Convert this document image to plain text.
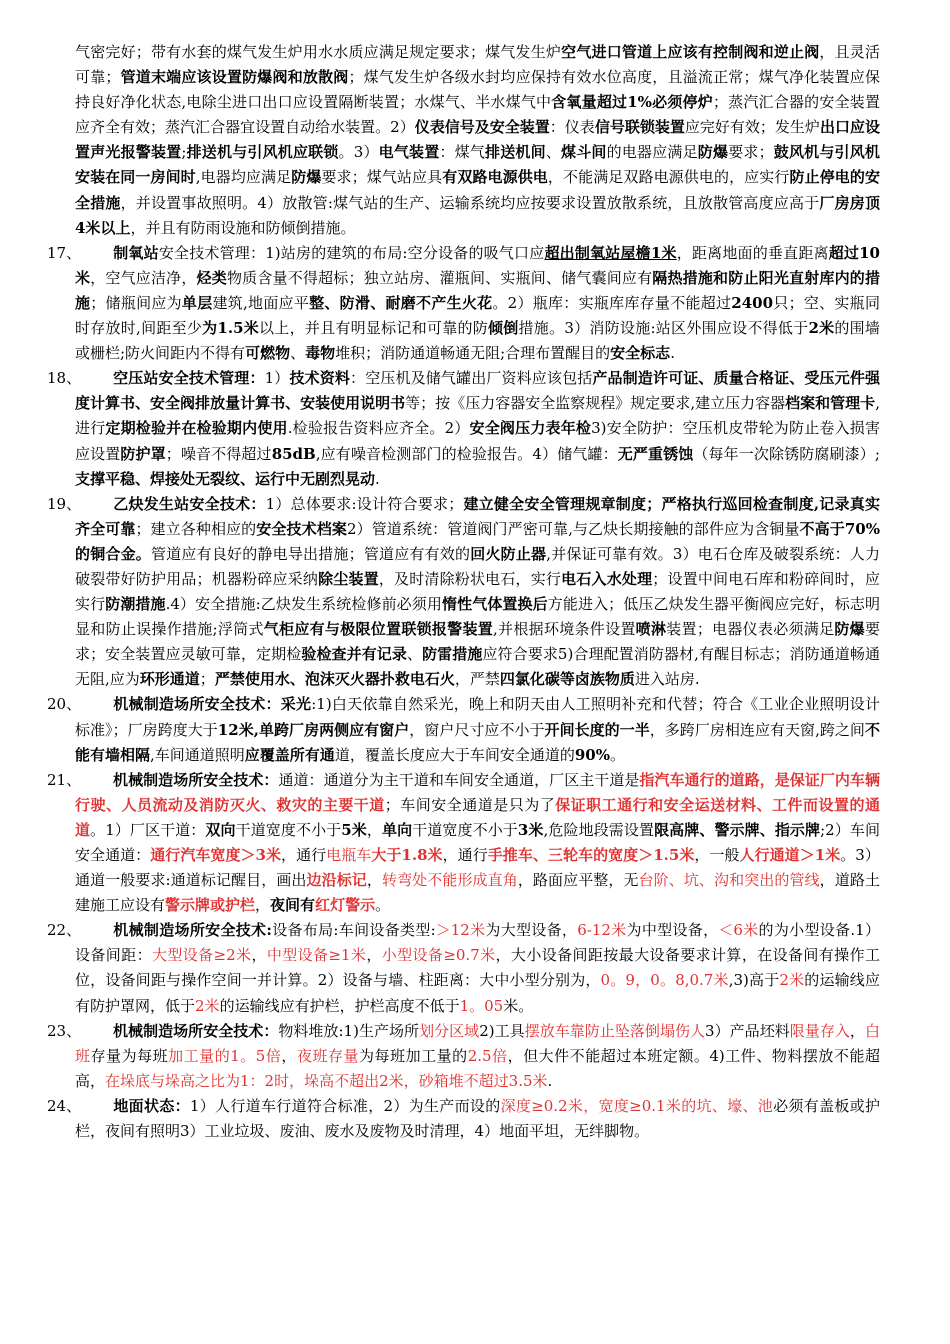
气密完好；带有水套的煤气发生炉用水水质应满足规定要求；煤气发生炉空气进口管道上应该有控制阀和逆止阀，且灵活可靠；管道末端应该设置防爆阀和放散阀；煤气发生炉各级水封均应保持有效水位高度，且溢流正常；煤气净化装置应保持良好净化状态,电除尘进口出口应设置隔断装置；水煤气、半水煤气中含氧量超过1%必须停炉；蒸汽汇合器的安全装置应齐全有效；蒸汽汇合器宜设置自动给水装置。2）仪表信号及安全装置：仪表信号联锁装置应完好有效；发生炉出口应设置声光报警装置;排送机与引风机应联锁。3）电气装置：煤气排送机间、煤斗间的电器应满足防爆要求；鼓风机与引风机安装在同一房间时,电器均应满足防爆要求；煤气站应具有双路电源供电，不能满足双路电源供电的，应实行防止停电的安全措施，并设置事故照明。4）放散管:煤气站的生产、运输系统均应按要求设置放散系统，且放散管高度应高于厂房房顶4米以上，并且有防雨设施和防倾倒措施。
17、	制氧站安全技术管理：1)站房的建筑的布局:空分设备的吸气口应超出制氧站屋檐1米，距离地面的垂直距离超过10米，空气应洁净，烃类物质含量不得超标；独立站房、灌瓶间、实瓶间、储气囊间应有隔热措施和防止阳光直射库内的措施；储瓶间应为单层建筑,地面应平整、防滑、耐磨不产生火花。2）瓶库：实瓶库库存量不能超过2400只；空、实瓶同时存放时,间距至少为1.5米以上，并且有明显标记和可靠的防倾倒措施。3）消防设施:站区外围应设不得低于2米的围墙或栅栏;防火间距内不得有可燃物、毒物堆积；消防通道畅通无阻;合理布置醒目的安全标志.
18、	空压站安全技术管理：1）技术资料：空压机及储气罐出厂资料应该包括产品制造许可证、质量合格证、受压元件强度计算书、安全阀排放量计算书、安装使用说明书等；按《压力容器安全监察规程》规定要求,建立压力容器档案和管理卡,进行定期检验并在检验期内使用.检验报告资料应齐全。2）安全阀压力表年检3)安全防护：空压机皮带轮为防止卷入损害应设置防护罩；噪音不得超过85dB,应有噪音检测部门的检验报告。4）储气罐：无严重锈蚀（每年一次除锈防腐刷漆）;支撑平稳、焊接处无裂纹、运行中无剧烈晃动.
19、	乙炔发生站安全技术：1）总体要求:设计符合要求；建立健全安全管理规章制度；严格执行巡回检查制度,记录真实齐全可靠；建立各种相应的安全技术档案2）管道系统：管道阀门严密可靠,与乙炔长期接触的部件应为含铜量不高于70%的铜合金。管道应有良好的静电导出措施；管道应有有效的回火防止器,并保证可靠有效。3）电石仓库及破裂系统：人力破裂带好防护用品；机器粉碎应采纳除尘装置，及时清除粉状电石，实行电石入水处理；设置中间电石库和粉碎间时，应实行防潮措施.4）安全措施:乙炔发生系统检修前必须用惰性气体置换后方能进入；低压乙炔发生器平衡阀应完好，标志明显和防止误操作措施;浮筒式气柜应有与极限位置联锁报警装置,并根据环境条件设置喷淋装置；电器仪表必须满足防爆要求；安全装置应灵敏可靠，定期检验检查并有记录、防雷措施应符合要求5)合理配置消防器材,有醒目标志；消防通道畅通无阻,应为环形通道；严禁使用水、泡沫灭火器扑救电石火，严禁四氯化碳等卤族物质进入站房.
20、	机械制造场所安全技术：采光:1)白天依靠自然采光，晚上和阴天由人工照明补充和代替；符合《工业企业照明设计标准》；厂房跨度大于12米,单跨厂房两侧应有窗户，窗户尺寸应不小于开间长度的一半，多跨厂房相连应有天窗,跨之间不能有墙相隔,车间通道照明应覆盖所有通道，覆盖长度应大于车间安全通道的90%。
21、	机械制造场所安全技术：通道：通道分为主干道和车间安全通道，厂区主干道是指汽车通行的道路，是保证厂内车辆行驶、人员流动及消防灭火、救灾的主要干道；车间安全通道是只为了保证职工通行和安全运送材料、工件而设置的通道。1）厂区干道：双向干道宽度不小于5米，单向干道宽度不小于3米,危险地段需设置限高牌、警示牌、指示牌;2）车间安全通道：通行汽车宽度＞3米，通行电瓶车大于1.8米，通行手推车、三轮车的宽度＞1.5米，一般人行通道＞1米。3）通道一般要求:通道标记醒目，画出边沿标记，转弯处不能形成直角，路面应平整，无台阶、坑、沟和突出的管线，道路土建施工应设有警示牌或护栏，夜间有红灯警示。
22、	机械制造场所安全技术:设备布局:车间设备类型:＞12米为大型设备，6-12米为中型设备，＜6米的为小型设备.1）设备间距：大型设备≥2米，中型设备≥1米，小型设备≥0.7米，大小设备间距按最大设备要求计算，在设备间有操作工位，设备间距与操作空间一并计算。2）设备与墙、柱距离：大中小型分别为，0。9，0。8,0.7米,3)高于2米的运输线应有防护罩网，低于2米的运输线应有护栏，护栏高度不低于1。05米。
23、	机械制造场所安全技术：物料堆放:1)生产场所划分区域2)工具摆放车靠防止坠落倒塌伤人3）产品坯料限量存入，白班存量为每班加工量的1。5倍，夜班存量为每班加工量的2.5倍，但大件不能超过本班定额。4)工件、物料摆放不能超高，在垛底与垛高之比为1：2时，垛高不超出2米，砂箱堆不超过3.5米.
24、	地面状态：1）人行道车行道符合标准，2）为生产而设的深度≥0.2米，宽度≥0.1米的坑、壕、池必须有盖板或护栏，夜间有照明3）工业垃圾、废油、废水及废物及时清理，4）地面平坦，无绊脚物。
